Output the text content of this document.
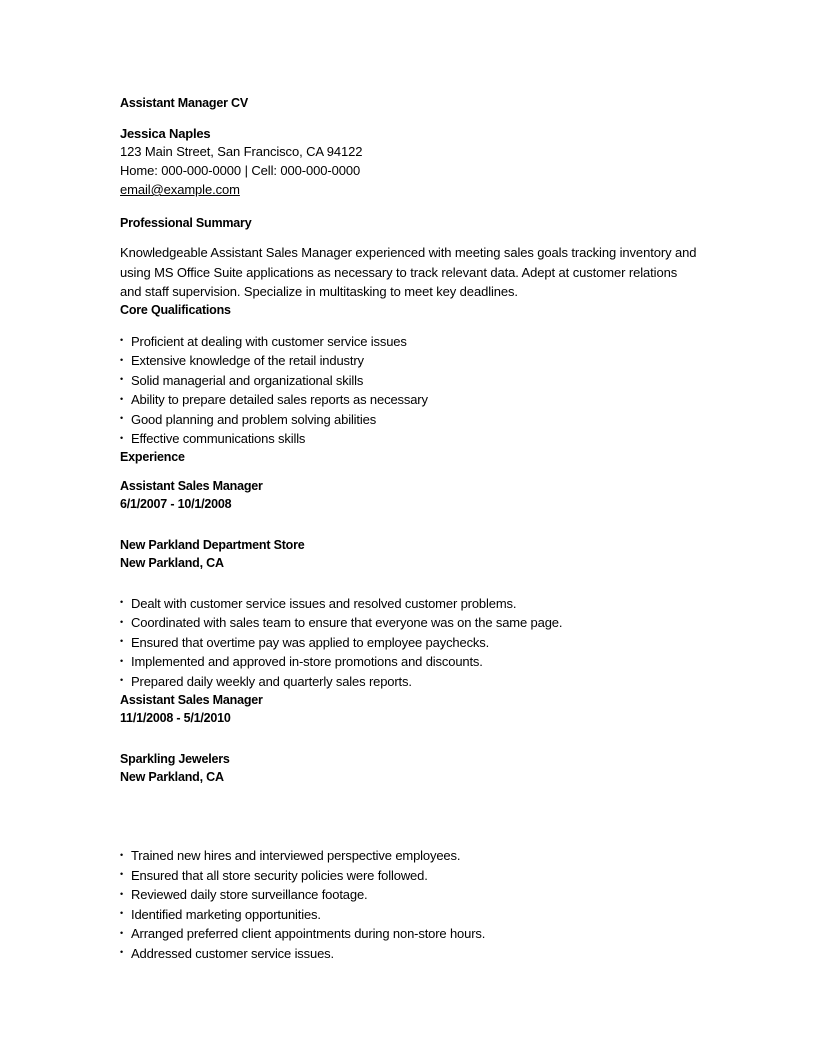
Assistant Manager CV
Jessica Naples
123 Main Street, San Francisco, CA 94122
Home: 000-000-0000 | Cell: 000-000-0000
email@example.com
Professional Summary
Knowledgeable Assistant Sales Manager experienced with meeting sales goals tracking inventory and using MS Office Suite applications as necessary to track relevant data. Adept at customer relations and staff supervision. Specialize in multitasking to meet key deadlines.
Core Qualifications
• Proficient at dealing with customer service issues
• Extensive knowledge of the retail industry
• Solid managerial and organizational skills
• Ability to prepare detailed sales reports as necessary
• Good planning and problem solving abilities
• Effective communications skills
Experience
Assistant Sales Manager
6/1/2007 - 10/1/2008
New Parkland Department Store
New Parkland, CA
• Dealt with customer service issues and resolved customer problems.
• Coordinated with sales team to ensure that everyone was on the same page.
• Ensured that overtime pay was applied to employee paychecks.
• Implemented and approved in-store promotions and discounts.
• Prepared daily weekly and quarterly sales reports.
Assistant Sales Manager
11/1/2008 - 5/1/2010
Sparkling Jewelers
New Parkland, CA
• Trained new hires and interviewed perspective employees.
• Ensured that all store security policies were followed.
• Reviewed daily store surveillance footage.
• Identified marketing opportunities.
• Arranged preferred client appointments during non-store hours.
• Addressed customer service issues.
